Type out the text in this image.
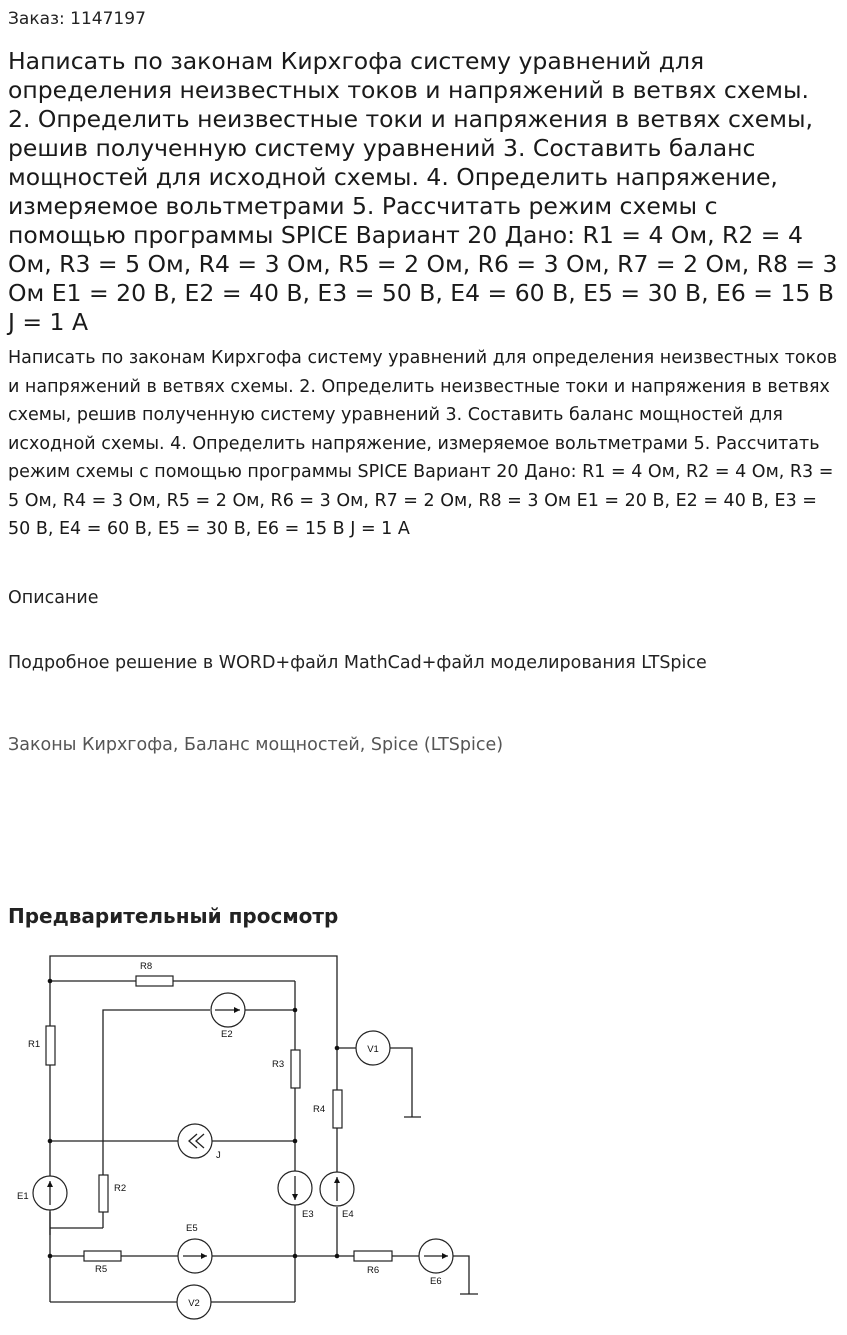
Заказ: 1147197
Написать по законам Кирхгофа систему уравнений для определения неизвестных токов и напряжений в ветвях схемы. 2. Определить неизвестные токи и напряжения в ветвях схемы, решив полученную систему уравнений 3. Составить баланс мощностей для исходной схемы. 4. Определить напряжение, измеряемое вольтметрами 5. Рассчитать режим схемы с помощью программы SPICE Вариант 20 Дано: R1 = 4 Ом, R2 = 4 Ом, R3 = 5 Ом, R4 = 3 Ом, R5 = 2 Ом, R6 = 3 Ом, R7 = 2 Ом, R8 = 3 Ом E1 = 20 В, E2 = 40 В, E3 = 50 В, E4 = 60 В, E5 = 30 В, E6 = 15 В J = 1 А

Написать по законам Кирхгофа систему уравнений для определения неизвестных токов и напряжений в ветвях схемы. 2. Определить неизвестные токи и напряжения в ветвях схемы, решив полученную систему уравнений 3. Составить баланс мощностей для исходной схемы. 4. Определить напряжение, измеряемое вольтметрами 5. Рассчитать режим схемы с помощью программы SPICE Вариант 20 Дано: R1 = 4 Ом, R2 = 4 Ом, R3 = 5 Ом, R4 = 3 Ом, R5 = 2 Ом, R6 = 3 Ом, R7 = 2 Ом, R8 = 3 Ом E1 = 20 В, E2 = 40 В, E3 = 50 В, E4 = 60 В, E5 = 30 В, E6 = 15 В J = 1 А

Описание

Подробное решение в WORD+файл MathCad+файл моделирования LTSpice

Законы Кирхгофа, Баланс мощностей, Spice (LTSpice)
Предварительный просмотр
V1
V2
R8
R1
E2
R3
R4
J
E1
R2
E3	E4
E5
R5	R6
E6
